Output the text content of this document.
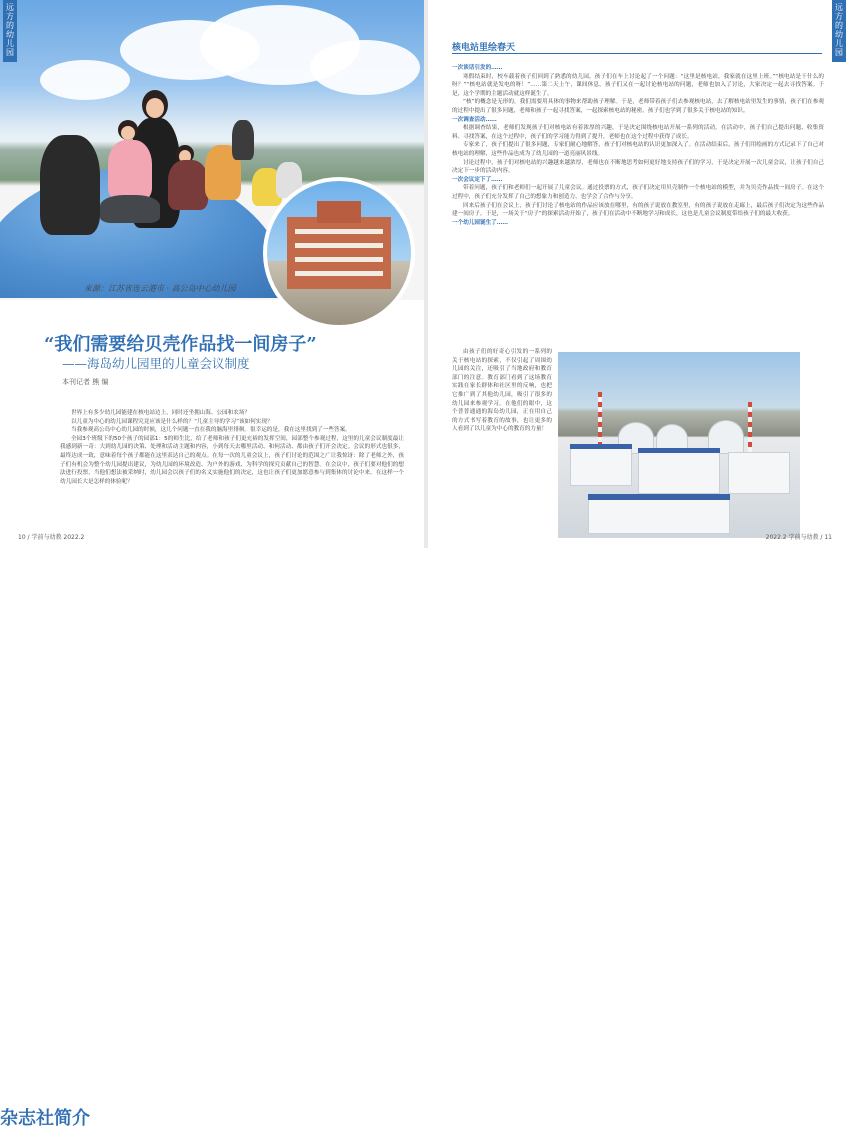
远方的幼儿园
来源：江苏省连云港市 · 高公岛中心幼儿园
“我们需要给贝壳作品找一间房子”
——海岛幼儿园里的儿童会议制度
本刊记者 熊 编

世界上有多少幼儿园能建在核电站边上，同时还坐拥山海、公园和农场？

以儿童为中心的幼儿园课程究竟应该是什么样的？“儿童主导的学习”该如何实现？

当我参观高公岛中心幼儿园的时候，这几个问题一直在我的脑海里徘徊。很幸运的是，我在这里找到了一些答案。

全园3个班级下的50个孩子的园部1：5的师生比，给了老师和孩子们更充裕的发挥空间，园部整个参观过程，这里的儿童会议制度最让我感到新一奇：大到幼儿园的决策、处理和活动主题和内容，小到每天去哪里活动、和何活动、都由孩子们开会决定。会议的形式也很多，最终达成一致，意味着每个孩子都能在这里表达自己的观点。在每一次的儿童会议上，孩子们讨论的范围之广让我惊讶：除了老师之外，孩子们有机会为整个幼儿园提出建议，为幼儿园的环境改造、为户外的游戏、为科学的探究贡献自己的智慧。在会议中，孩子们要对他们的想法进行投票，当他们想法被采纳时，幼儿园会以孩子们的名义实施他们的决定，这也让孩子们更加愿意参与到集体的讨论中来。在这样一个幼儿园长大是怎样的体验呢？

10 / 学前与幼教 2022.2
远方的幼儿园
核电站里绘春天

一次谈话引发的……

寒假结束时，校车载着孩子们回到了熟悉的幼儿园，孩子们在车上讨论起了一个问题：“这里是核电站，我家就在这里上班。”“核电站是干什么的呀？”“核电站就是发电的呀！”……第二天上午，课间休息，孩子们又在一起讨论核电站的问题，老师也加入了讨论，大家决定一起去寻找答案。于是，这个学期的主题活动就这样诞生了。

“核”的概念是无形的，我们需要用具体的事物来帮助孩子理解。于是，老师带着孩子们去参观核电站，去了解核电站里发生的事情，孩子们在参观的过程中提出了很多问题，老师和孩子一起寻找答案，一起探索核电站的秘密，孩子们也学到了很多关于核电站的知识。

一次调查活动……

根据调查结果，老师们发现孩子们对核电站有着浓厚的兴趣，于是决定围绕核电站开展一系列的活动。在活动中，孩子们自己提出问题、收集资料、寻找答案，在这个过程中，孩子们的学习能力得到了提升，老师也在这个过程中获得了成长。

专家来了，孩子们提出了很多问题，专家们耐心地解答，孩子们对核电站的认识更加深入了。在活动结束后，孩子们用绘画的方式记录下了自己对核电站的理解，这些作品也成为了幼儿园的一道亮丽风景线。

讨论过程中，孩子们对核电站的兴趣越来越浓厚，老师也在不断地思考如何更好地支持孩子们的学习，于是决定开展一次儿童会议，让孩子们自己决定下一步的活动内容。

一次会议定下了……

带着问题，孩子们和老师们一起开展了儿童会议。通过投票的方式，孩子们决定用贝壳制作一个核电站的模型，并为贝壳作品找一间房子。在这个过程中，孩子们充分发挥了自己的想象力和创造力，也学会了合作与分享。

回来后孩子们在会议上，孩子们讨论了核电站的作品应该放在哪里，有的孩子说放在教室里，有的孩子说放在走廊上，最后孩子们决定为这些作品建一间房子。于是，一场关于“房子”的探索活动开始了，孩子们在活动中不断地学习和成长，这也是儿童会议制度带给孩子们的最大收获。

一个幼儿园诞生了……

由孩子们的好奇心引发的一系列的关于核电站的探索，不仅引起了周围幼儿园的关注，还吸引了当地政府和教育部门的注意。教育部门看到了这场教育实践在家长群体和社区里的反响，也把它推广到了其他幼儿园，吸引了很多的幼儿园来参观学习。在他们的眼中，这个普普通通的海岛幼儿园，正在用自己的方式书写着教育的故事，也让更多的人看到了以儿童为中心的教育的力量！

2022.2 学前与幼教 / 11
杂志社简介
